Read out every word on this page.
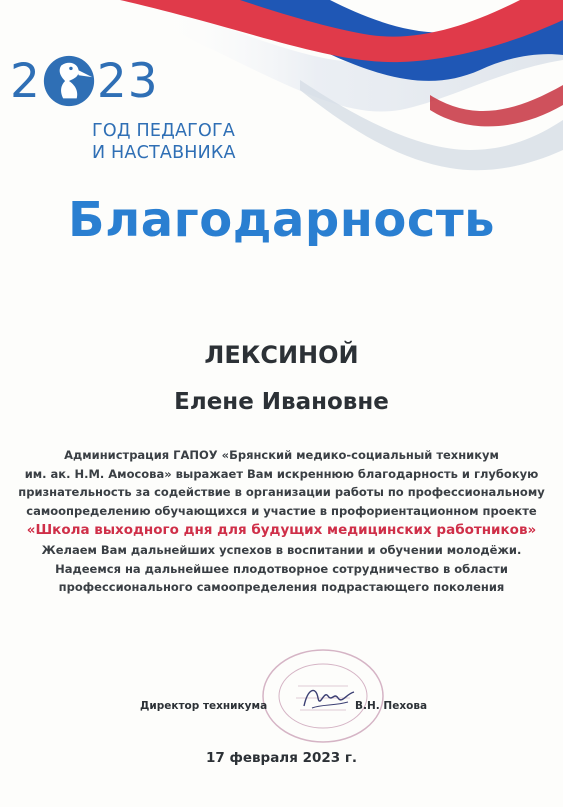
2 23
ГОД ПЕДАГОГА
И НАСТАВНИКА
Благодарность
ЛЕКСИНОЙ
Елене Ивановне
Администрация ГАПОУ «Брянский медико-социальный техникум
им. ак. Н.М. Амосова» выражает Вам искреннюю благодарность и глубокую
признательность за содействие в организации работы по профессиональному
самоопределению обучающихся и участие в профориентационном проекте
«Школа выходного дня для будущих медицинских работников»
Желаем Вам дальнейших успехов в воспитании и обучении молодёжи.
Надеемся на дальнейшее плодотворное сотрудничество в области
профессионального самоопределения подрастающего поколения
Директор техникума	В.Н. Пехова
17 февраля 2023 г.
